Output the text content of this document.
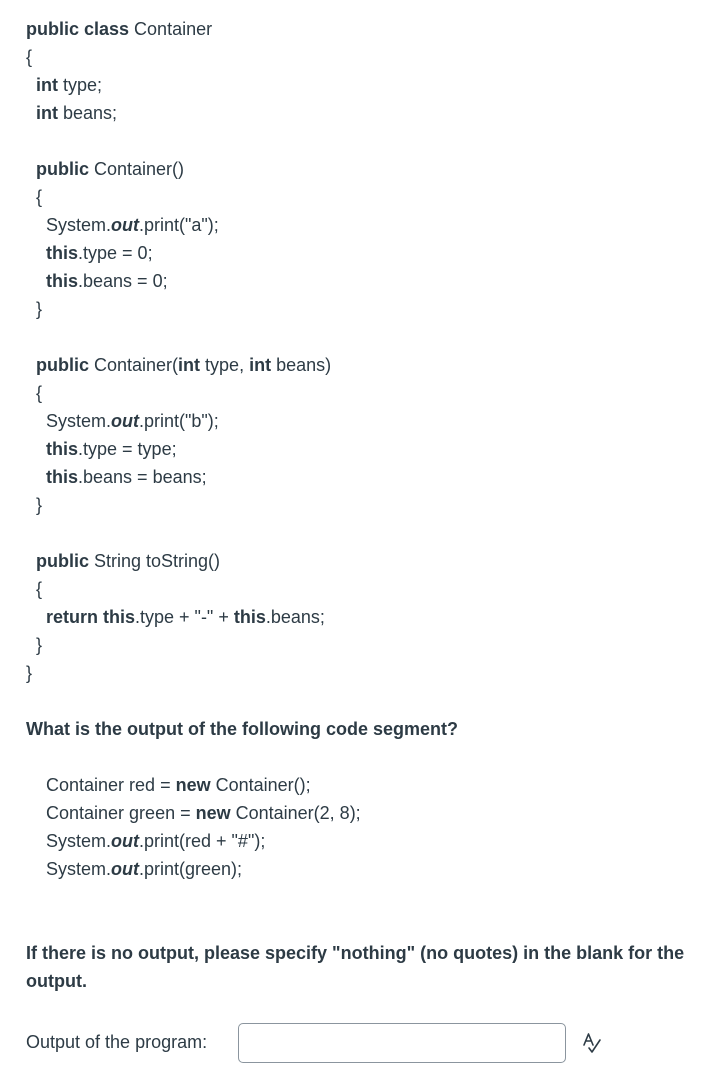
public class Container
{
int type;
int beans;
public Container()
{
System.out.print("a");
this.type = 0;
this.beans = 0;
}
public Container(int type, int beans)
{
System.out.print("b");
this.type = type;
this.beans = beans;
}
public String toString()
{
return this.type + "-" + this.beans;
}
}
What is the output of the following code segment?
Container red = new Container();
Container green = new Container(2, 8);
System.out.print(red + "#");
System.out.print(green);
If there is no output, please specify "nothing" (no quotes) in the blank for the output.
Output of the program:
